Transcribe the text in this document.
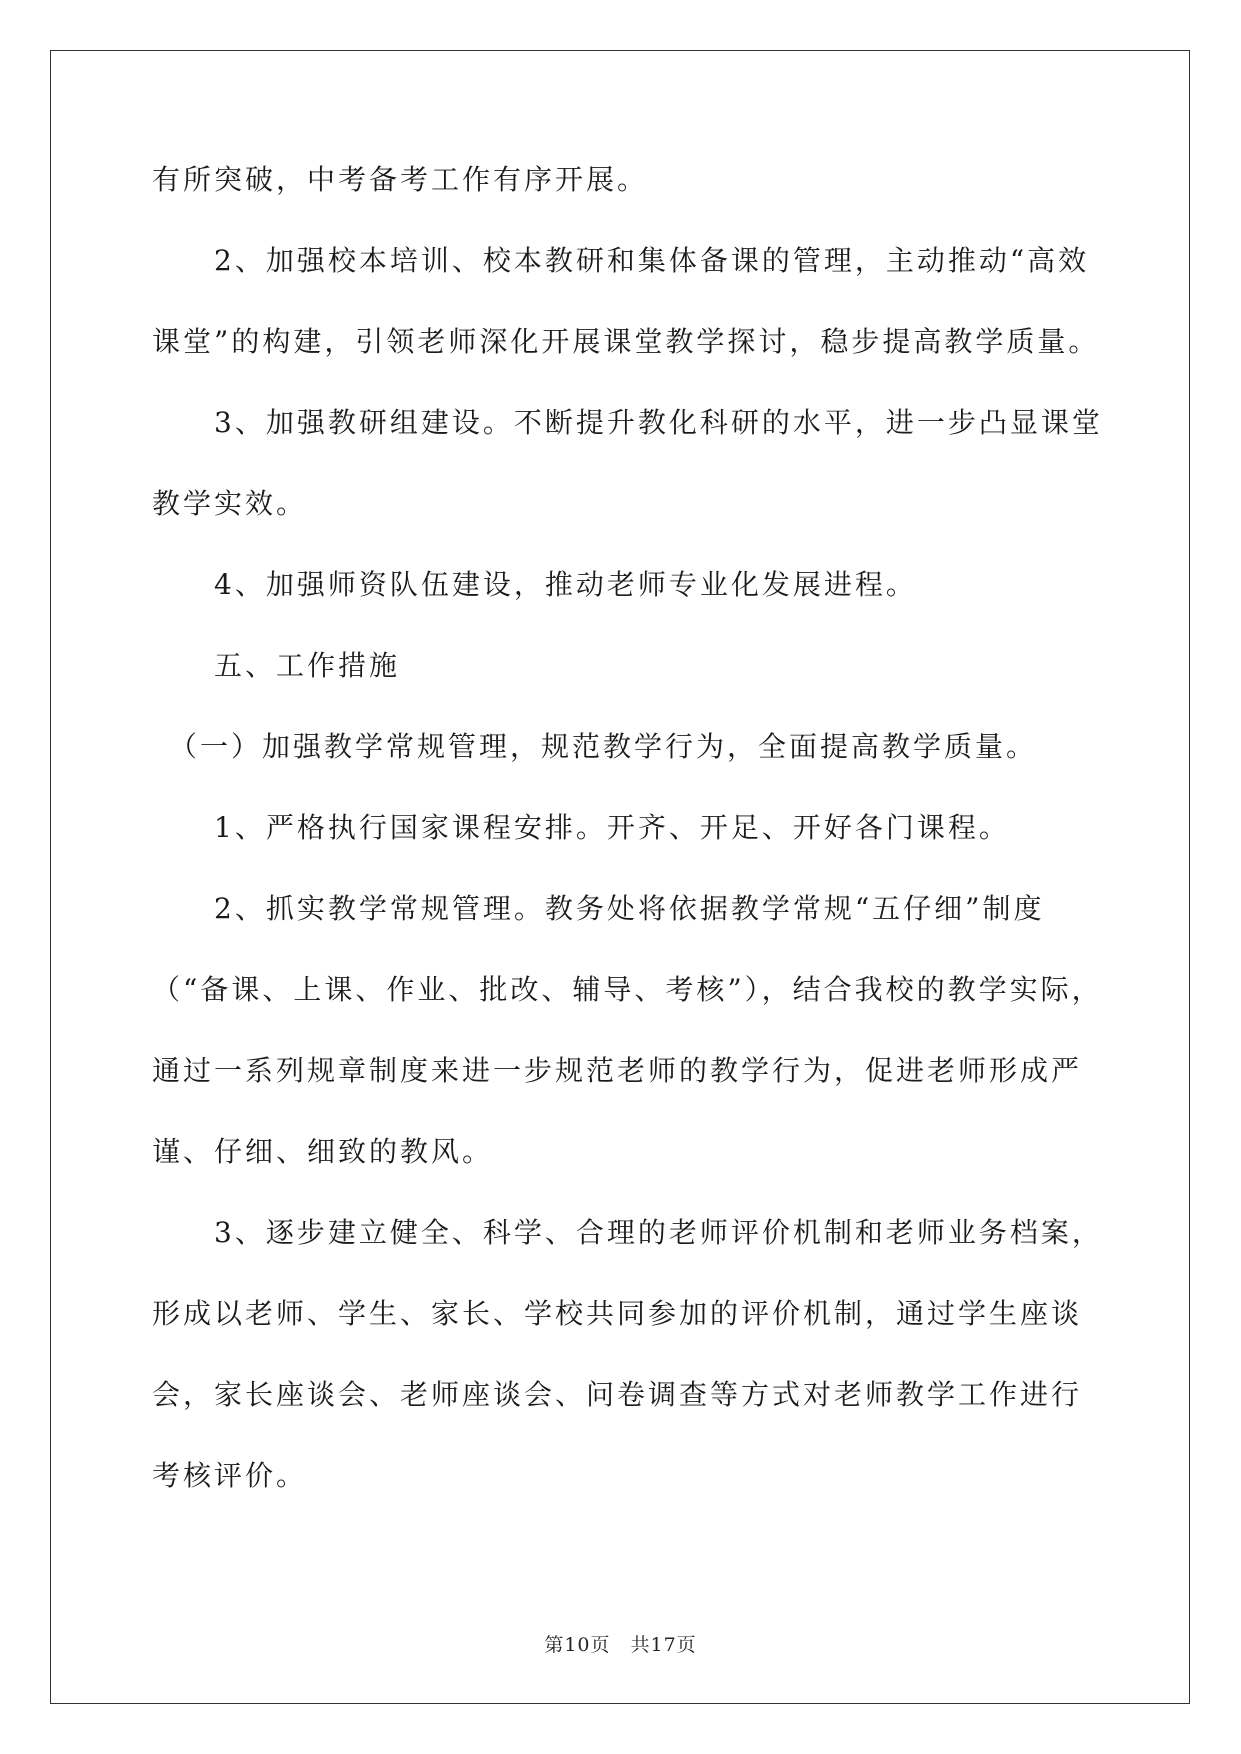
有所突破，中考备考工作有序开展。

　　2、加强校本培训、校本教研和集体备课的管理，主动推动“高效

课堂”的构建，引领老师深化开展课堂教学探讨，稳步提高教学质量。

　　3、加强教研组建设。不断提升教化科研的水平，进一步凸显课堂

教学实效。

　　4、加强师资队伍建设，推动老师专业化发展进程。

　　五、工作措施

　（一）加强教学常规管理，规范教学行为，全面提高教学质量。

　　1、严格执行国家课程安排。开齐、开足、开好各门课程。

　　2、抓实教学常规管理。教务处将依据教学常规“五仔细”制度

（“备课、上课、作业、批改、辅导、考核”），结合我校的教学实际，

通过一系列规章制度来进一步规范老师的教学行为，促进老师形成严

谨、仔细、细致的教风。

　　3、逐步建立健全、科学、合理的老师评价机制和老师业务档案，

形成以老师、学生、家长、学校共同参加的评价机制，通过学生座谈

会，家长座谈会、老师座谈会、问卷调查等方式对老师教学工作进行

考核评价。

第10页　共17页
